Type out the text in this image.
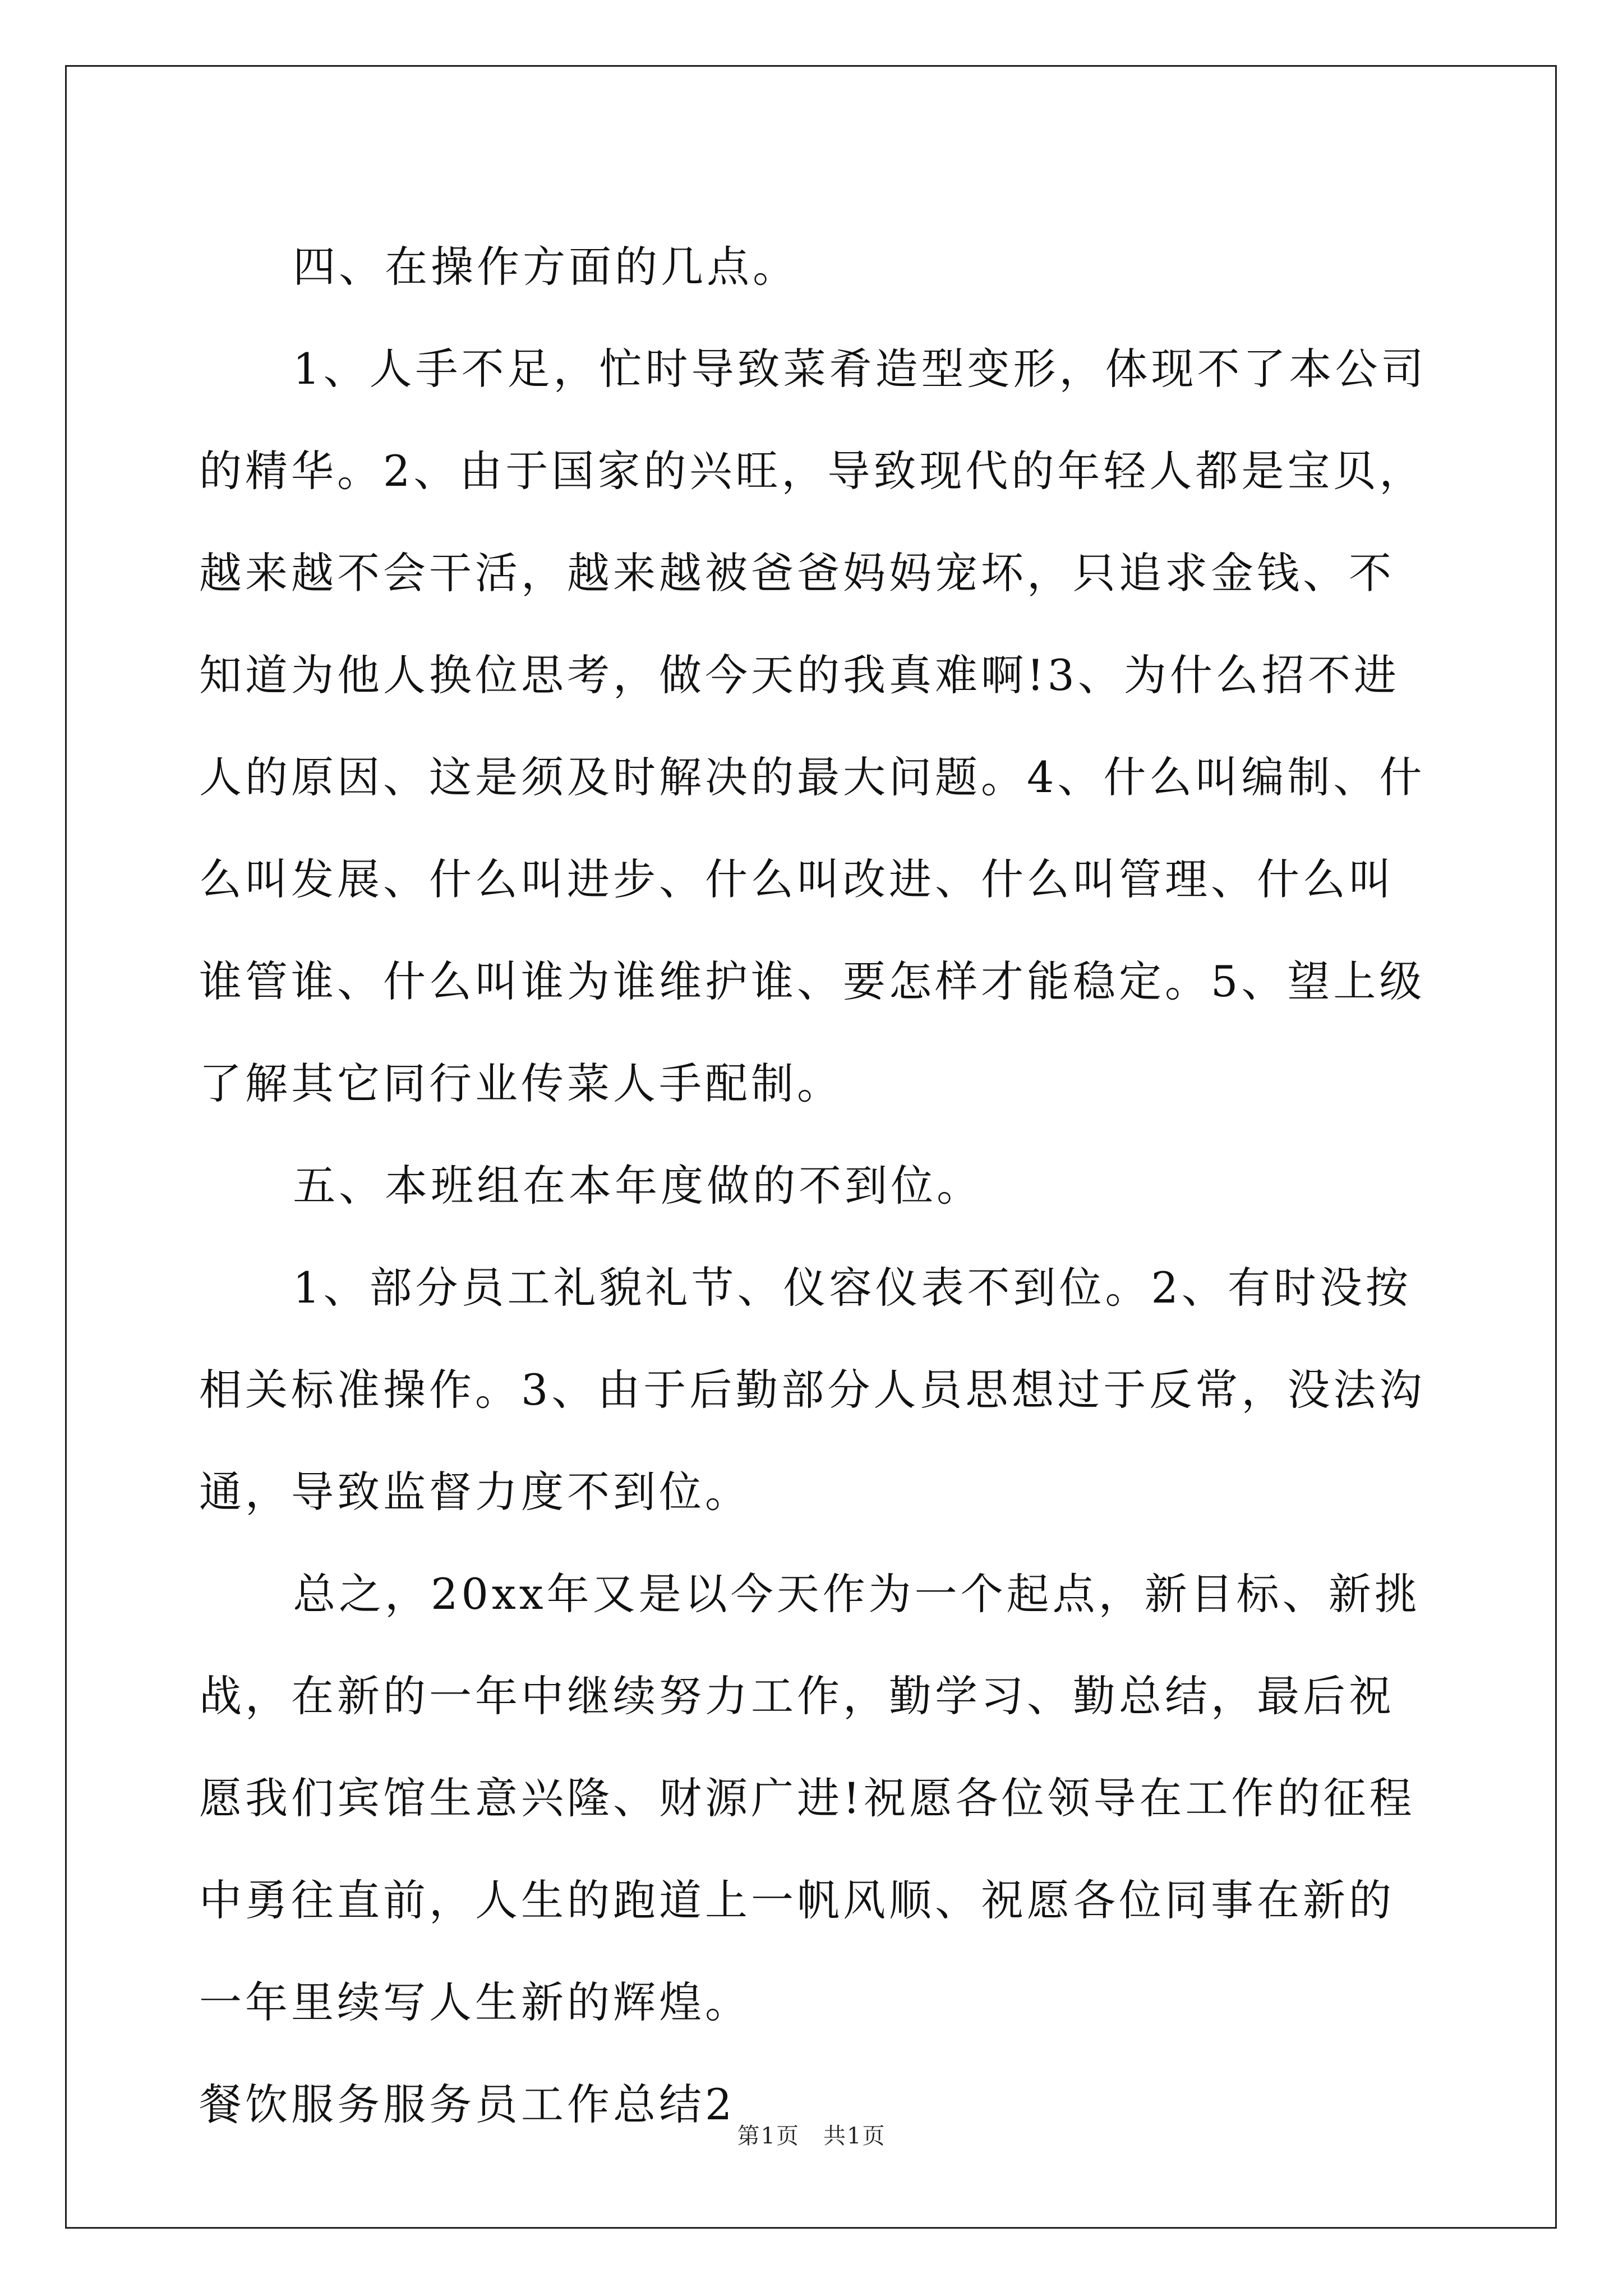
四、在操作方面的几点。

1、人手不足，忙时导致菜肴造型变形，体现不了本公司的精华。2、由于国家的兴旺，导致现代的年轻人都是宝贝，越来越不会干活，越来越被爸爸妈妈宠坏，只追求金钱、不知道为他人换位思考，做今天的我真难啊!3、为什么招不进人的原因、这是须及时解决的最大问题。4、什么叫编制、什么叫发展、什么叫进步、什么叫改进、什么叫管理、什么叫谁管谁、什么叫谁为谁维护谁、要怎样才能稳定。5、望上级了解其它同行业传菜人手配制。

五、本班组在本年度做的不到位。

1、部分员工礼貌礼节、仪容仪表不到位。2、有时没按相关标准操作。3、由于后勤部分人员思想过于反常，没法沟通，导致监督力度不到位。

总之，20xx年又是以今天作为一个起点，新目标、新挑战，在新的一年中继续努力工作，勤学习、勤总结，最后祝愿我们宾馆生意兴隆、财源广进!祝愿各位领导在工作的征程中勇往直前，人生的跑道上一帆风顺、祝愿各位同事在新的一年里续写人生新的辉煌。

餐饮服务服务员工作总结2

第1页　共1页
